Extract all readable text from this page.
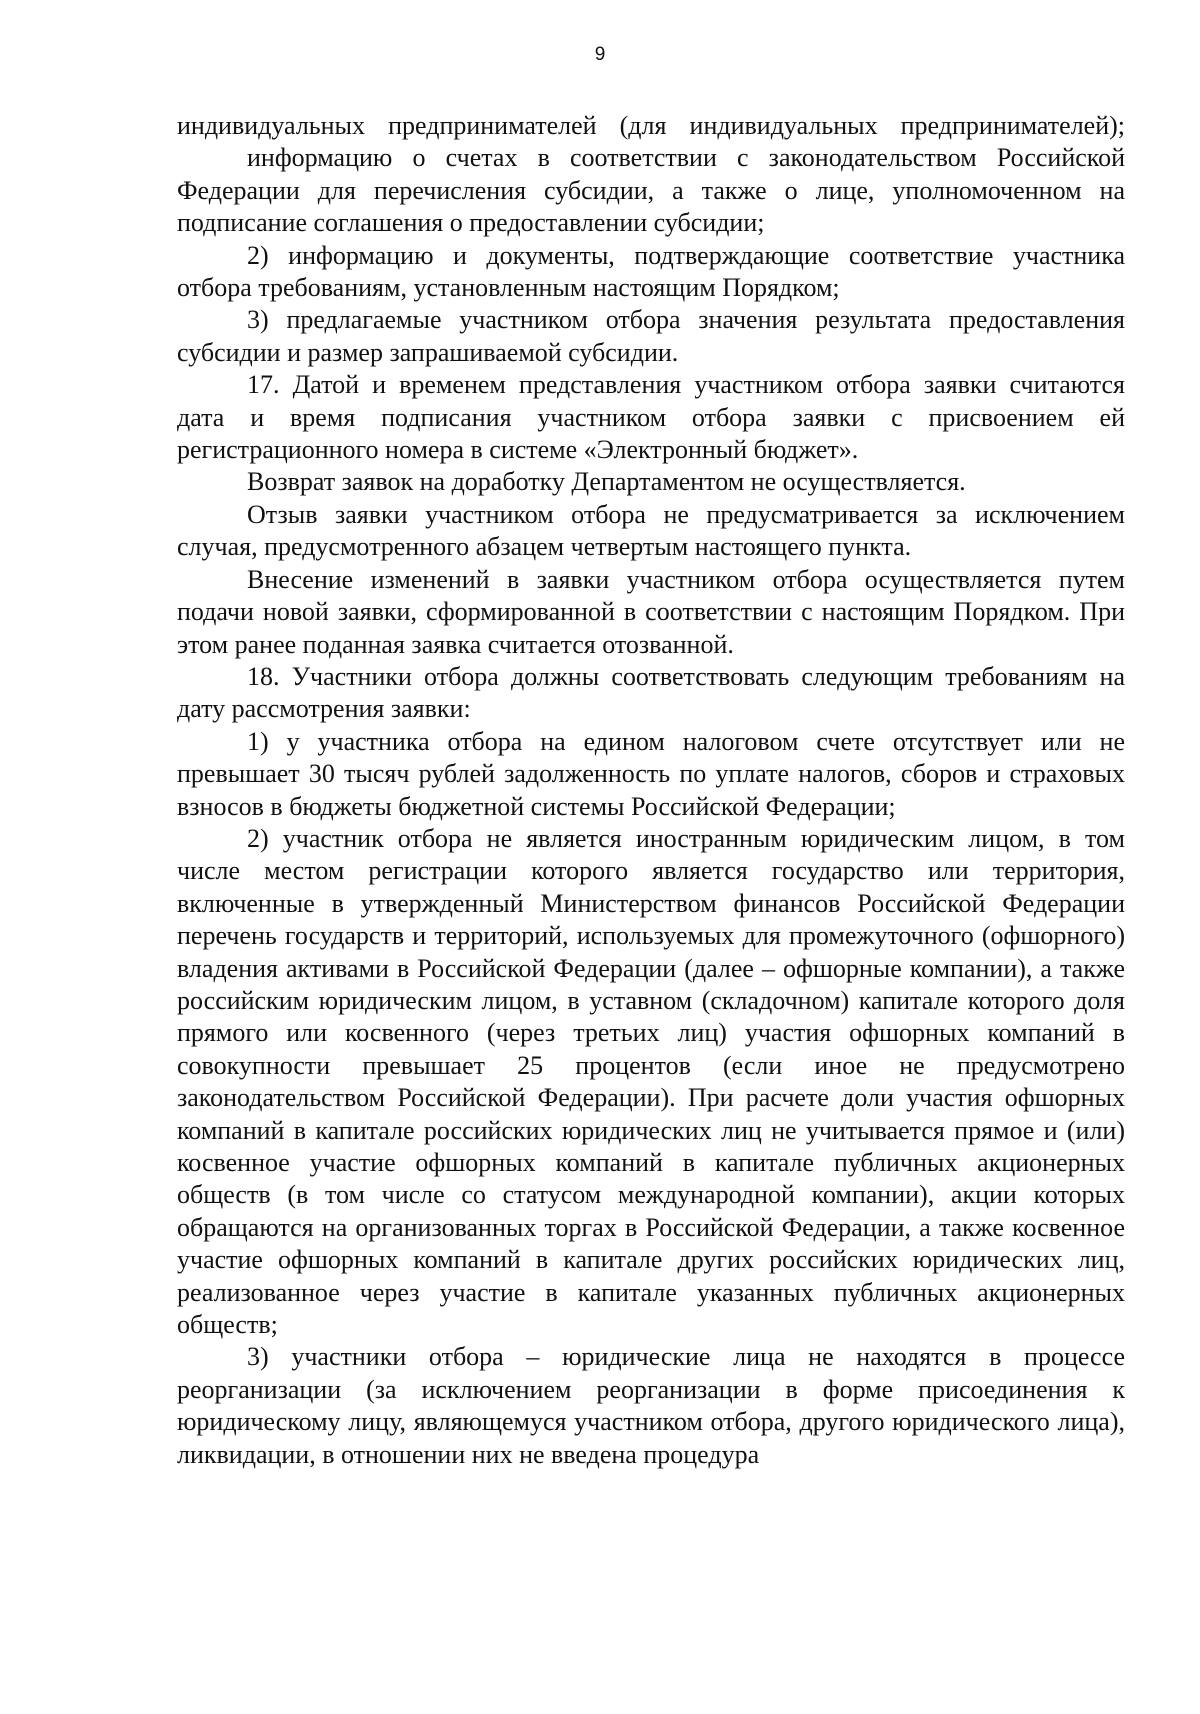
9

индивидуальных предпринимателей (для индивидуальных предпринимателей);

информацию о счетах в соответствии с законодательством Российской Федерации для перечисления субсидии, а также о лице, уполномоченном на подписание соглашения о предоставлении субсидии;

2) информацию и документы, подтверждающие соответствие участника отбора требованиям, установленным настоящим Порядком;

3) предлагаемые участником отбора значения результата предоставления субсидии и размер запрашиваемой субсидии.

17. Датой и временем представления участником отбора заявки считаются дата и время подписания участником отбора заявки с присвоением ей регистрационного номера в системе «Электронный бюджет».

Возврат заявок на доработку Департаментом не осуществляется.

Отзыв заявки участником отбора не предусматривается за исключением случая, предусмотренного абзацем четвертым настоящего пункта.

Внесение изменений в заявки участником отбора осуществляется путем подачи новой заявки, сформированной в соответствии с настоящим Порядком. При этом ранее поданная заявка считается отозванной.

18. Участники отбора должны соответствовать следующим требованиям на дату рассмотрения заявки:

1) у участника отбора на едином налоговом счете отсутствует или не превышает 30 тысяч рублей задолженность по уплате налогов, сборов и страховых взносов в бюджеты бюджетной системы Российской Федерации;

2) участник отбора не является иностранным юридическим лицом, в том числе местом регистрации которого является государство или территория, включенные в утвержденный Министерством финансов Российской Федерации перечень государств и территорий, используемых для промежуточного (офшорного) владения активами в Российской Федерации (далее – офшорные компании), а также российским юридическим лицом, в уставном (складочном) капитале которого доля прямого или косвенного (через третьих лиц) участия офшорных компаний в совокупности превышает 25 процентов (если иное не предусмотрено законодательством Российской Федерации). При расчете доли участия офшорных компаний в капитале российских юридических лиц не учитывается прямое и (или) косвенное участие офшорных компаний в капитале публичных акционерных обществ (в том числе со статусом международной компании), акции которых обращаются на организованных торгах в Российской Федерации, а также косвенное участие офшорных компаний в капитале других российских юридических лиц, реализованное через участие в капитале указанных публичных акционерных обществ;

3) участники отбора – юридические лица не находятся в процессе реорганизации (за исключением реорганизации в форме присоединения к юридическому лицу, являющемуся участником отбора, другого юридического лица), ликвидации, в отношении них не введена процедура
